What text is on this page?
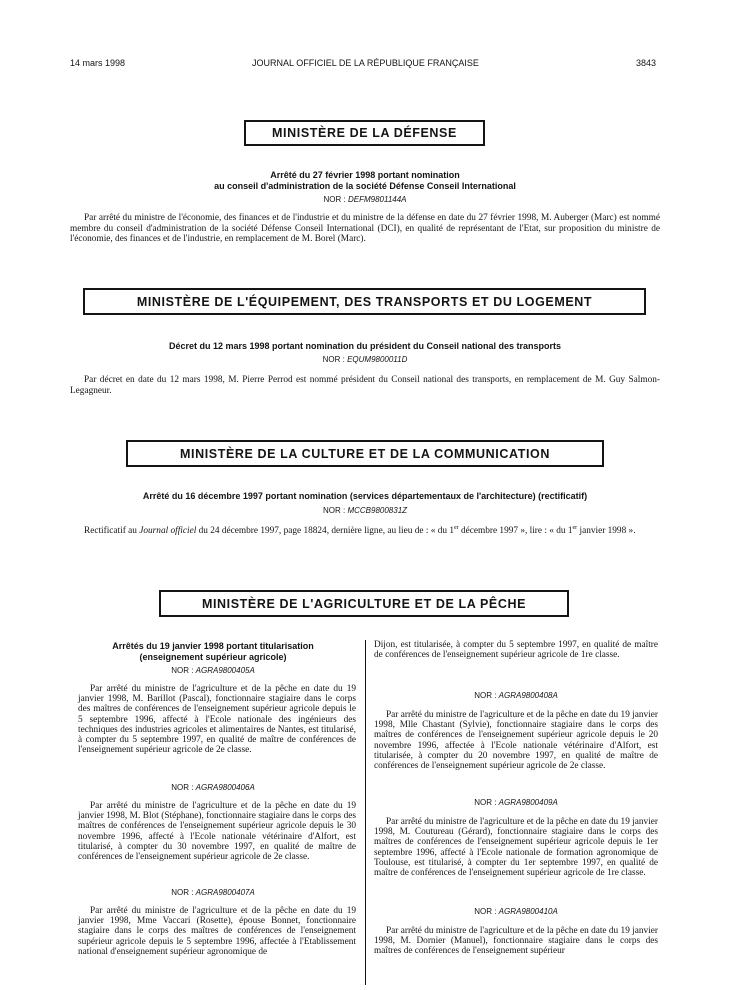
14 mars 1998	JOURNAL OFFICIEL DE LA RÉPUBLIQUE FRANÇAISE	3843
MINISTÈRE DE LA DÉFENSE
Arrêté du 27 février 1998 portant nomination
au conseil d'administration de la société Défense Conseil International
NOR : DEFM9801144A

Par arrêté du ministre de l'économie, des finances et de l'industrie et du ministre de la défense en date du 27 février 1998, M. Auberger (Marc) est nommé membre du conseil d'administration de la société Défense Conseil International (DCI), en qualité de représentant de l'Etat, sur proposition du ministre de l'économie, des finances et de l'industrie, en remplacement de M. Borel (Marc).

MINISTÈRE DE L'ÉQUIPEMENT, DES TRANSPORTS ET DU LOGEMENT
Décret du 12 mars 1998 portant nomination du président du Conseil national des transports
NOR : EQUM9800011D

Par décret en date du 12 mars 1998, M. Pierre Perrod est nommé président du Conseil national des transports, en remplacement de M. Guy Salmon-Legagneur.

MINISTÈRE DE LA CULTURE ET DE LA COMMUNICATION
Arrêté du 16 décembre 1997 portant nomination (services départementaux de l'architecture) (rectificatif)
NOR : MCCB9800831Z

Rectificatif au Journal officiel du 24 décembre 1997, page 18824, dernière ligne, au lieu de : « du 1er décembre 1997 », lire : « du 1er janvier 1998 ».

MINISTÈRE DE L'AGRICULTURE ET DE LA PÊCHE
Arrêtés du 19 janvier 1998 portant titularisation
(enseignement supérieur agricole)
NOR : AGRA9800405A

Par arrêté du ministre de l'agriculture et de la pêche en date du 19 janvier 1998, M. Barillot (Pascal), fonctionnaire stagiaire dans le corps des maîtres de conférences de l'enseignement supérieur agricole depuis le 5 septembre 1996, affecté à l'Ecole nationale des ingénieurs des techniques des industries agricoles et alimentaires de Nantes, est titularisé, à compter du 5 septembre 1997, en qualité de maître de conférences de l'enseignement supérieur agricole de 2e classe.

NOR : AGRA9800406A

Par arrêté du ministre de l'agriculture et de la pêche en date du 19 janvier 1998, M. Blot (Stéphane), fonctionnaire stagiaire dans le corps des maîtres de conférences de l'enseignement supérieur agricole depuis le 30 novembre 1996, affecté à l'Ecole nationale vétérinaire d'Alfort, est titularisé, à compter du 30 novembre 1997, en qualité de maître de conférences de l'enseignement supérieur agricole de 2e classe.

NOR : AGRA9800407A

Par arrêté du ministre de l'agriculture et de la pêche en date du 19 janvier 1998, Mme Vaccari (Rosette), épouse Bonnet, fonctionnaire stagiaire dans le corps des maîtres de conférences de l'enseignement supérieur agricole depuis le 5 septembre 1996, affectée à l'Etablissement national d'enseignement supérieur agronomique de

Dijon, est titularisée, à compter du 5 septembre 1997, en qualité de maître de conférences de l'enseignement supérieur agricole de 1re classe.

NOR : AGRA9800408A

Par arrêté du ministre de l'agriculture et de la pêche en date du 19 janvier 1998, Mlle Chastant (Sylvie), fonctionnaire stagiaire dans le corps des maîtres de conférences de l'enseignement supérieur agricole depuis le 20 novembre 1996, affectée à l'Ecole nationale vétérinaire d'Alfort, est titularisée, à compter du 20 novembre 1997, en qualité de maître de conférences de l'enseignement supérieur agricole de 2e classe.

NOR : AGRA9800409A

Par arrêté du ministre de l'agriculture et de la pêche en date du 19 janvier 1998, M. Coutureau (Gérard), fonctionnaire stagiaire dans le corps des maîtres de conférences de l'enseignement supérieur agricole depuis le 1er septembre 1996, affecté à l'Ecole nationale de formation agronomique de Toulouse, est titularisé, à compter du 1er septembre 1997, en qualité de maître de conférences de l'enseignement supérieur agricole de 1re classe.

NOR : AGRA9800410A

Par arrêté du ministre de l'agriculture et de la pêche en date du 19 janvier 1998, M. Dornier (Manuel), fonctionnaire stagiaire dans le corps des maîtres de conférences de l'enseignement supérieur
